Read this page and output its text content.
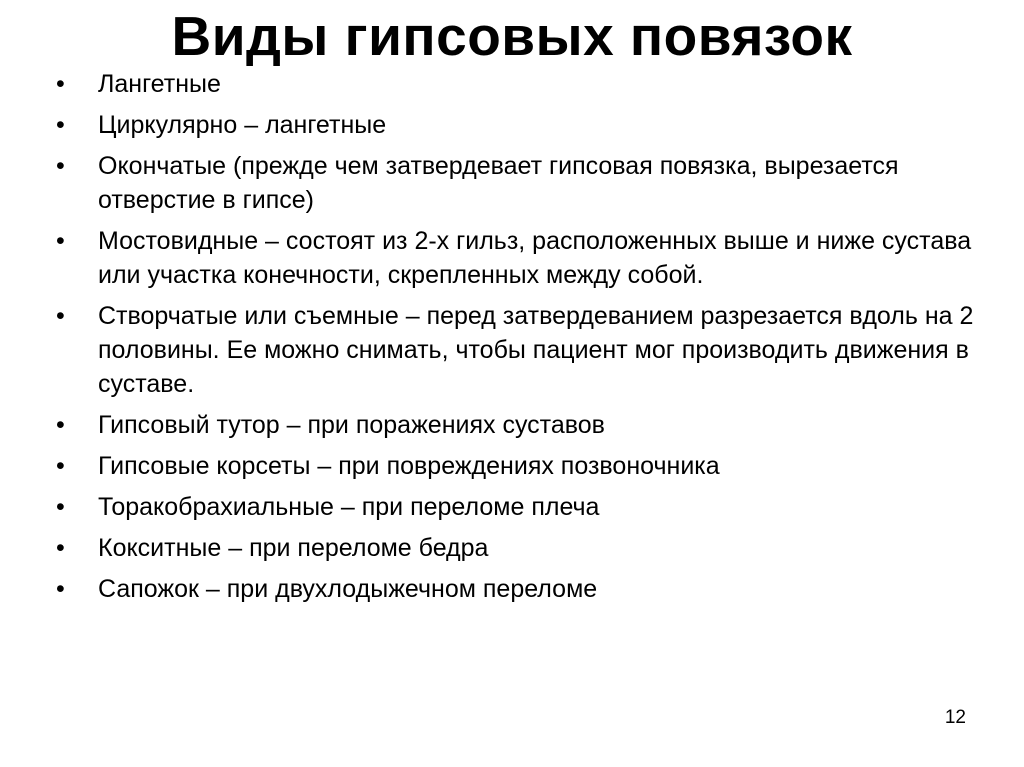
Виды гипсовых повязок
•	Лангетные
•	Циркулярно – лангетные
•	Окончатые (прежде чем затвердевает гипсовая повязка, вырезается отверстие в гипсе)
•	Мостовидные – состоят из 2-х гильз, расположенных выше и ниже сустава или участка конечности, скрепленных между собой.
•	Створчатые или съемные – перед затвердеванием разрезается вдоль на 2 половины. Ее можно снимать, чтобы пациент мог производить движения в суставе.
•	Гипсовый тутор – при поражениях суставов
•	Гипсовые корсеты – при повреждениях позвоночника
•	Торакобрахиальные – при переломе плеча
•	Кокситные – при переломе бедра
•	Сапожок – при двухлодыжечном переломе
12
